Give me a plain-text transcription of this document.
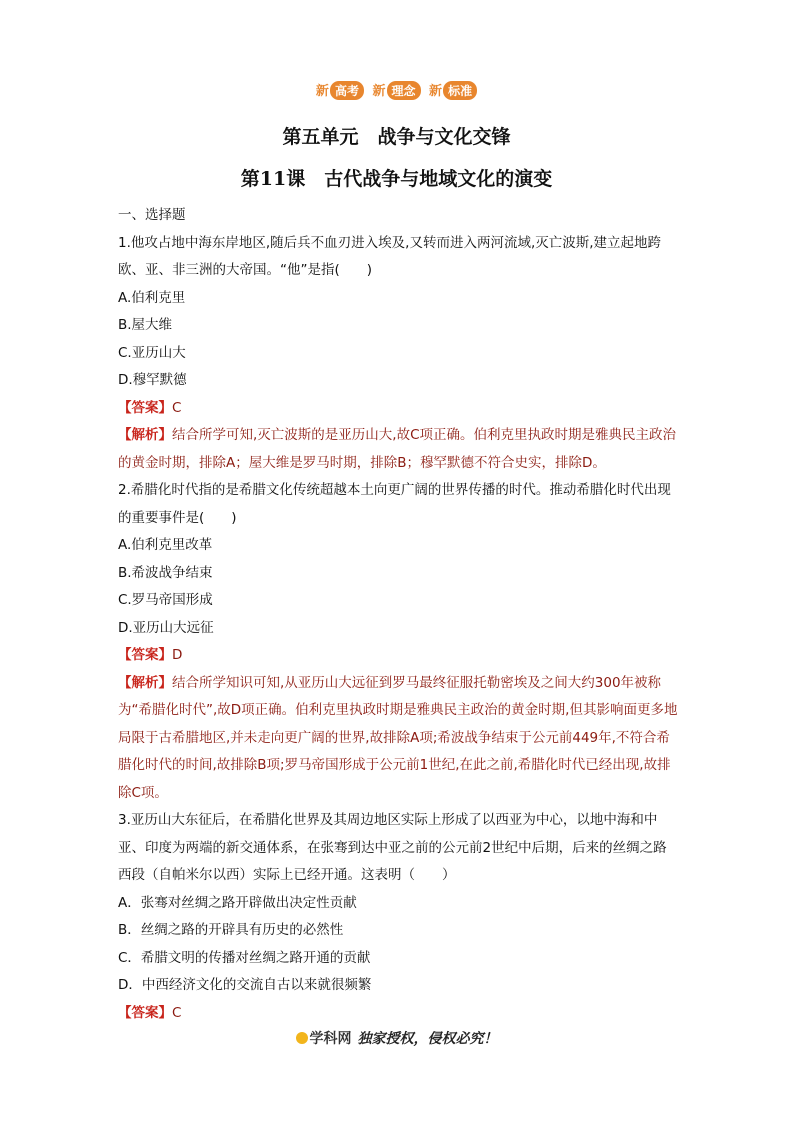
新 高考 新 理念 新 标准
第五单元　战争与文化交锋
第11课　古代战争与地域文化的演变

一、选择题

1.他攻占地中海东岸地区,随后兵不血刃进入埃及,又转而进入两河流域,灭亡波斯,建立起地跨欧、亚、非三洲的大帝国。“他”是指(　　)

A.伯利克里

B.屋大维

C.亚历山大

D.穆罕默德

【答案】C

【解析】结合所学可知,灭亡波斯的是亚历山大,故C项正确。伯利克里执政时期是雅典民主政治的黄金时期，排除A；屋大维是罗马时期，排除B；穆罕默德不符合史实，排除D。

2.希腊化时代指的是希腊文化传统超越本土向更广阔的世界传播的时代。推动希腊化时代出现的重要事件是(　　)

A.伯利克里改革

B.希波战争结束

C.罗马帝国形成

D.亚历山大远征

【答案】D

【解析】结合所学知识可知,从亚历山大远征到罗马最终征服托勒密埃及之间大约300年被称为“希腊化时代”,故D项正确。伯利克里执政时期是雅典民主政治的黄金时期,但其影响面更多地局限于古希腊地区,并未走向更广阔的世界,故排除A项;希波战争结束于公元前449年,不符合希腊化时代的时间,故排除B项;罗马帝国形成于公元前1世纪,在此之前,希腊化时代已经出现,故排除C项。

3.亚历山大东征后，在希腊化世界及其周边地区实际上形成了以西亚为中心，以地中海和中亚、印度为两端的新交通体系，在张骞到达中亚之前的公元前2世纪中后期，后来的丝绸之路西段（自帕米尔以西）实际上已经开通。这表明（　　）

A．张骞对丝绸之路开辟做出决定性贡献

B．丝绸之路的开辟具有历史的必然性

C．希腊文明的传播对丝绸之路开通的贡献

D．中西经济文化的交流自古以来就很频繁

【答案】C

学科网 独家授权，侵权必究！
